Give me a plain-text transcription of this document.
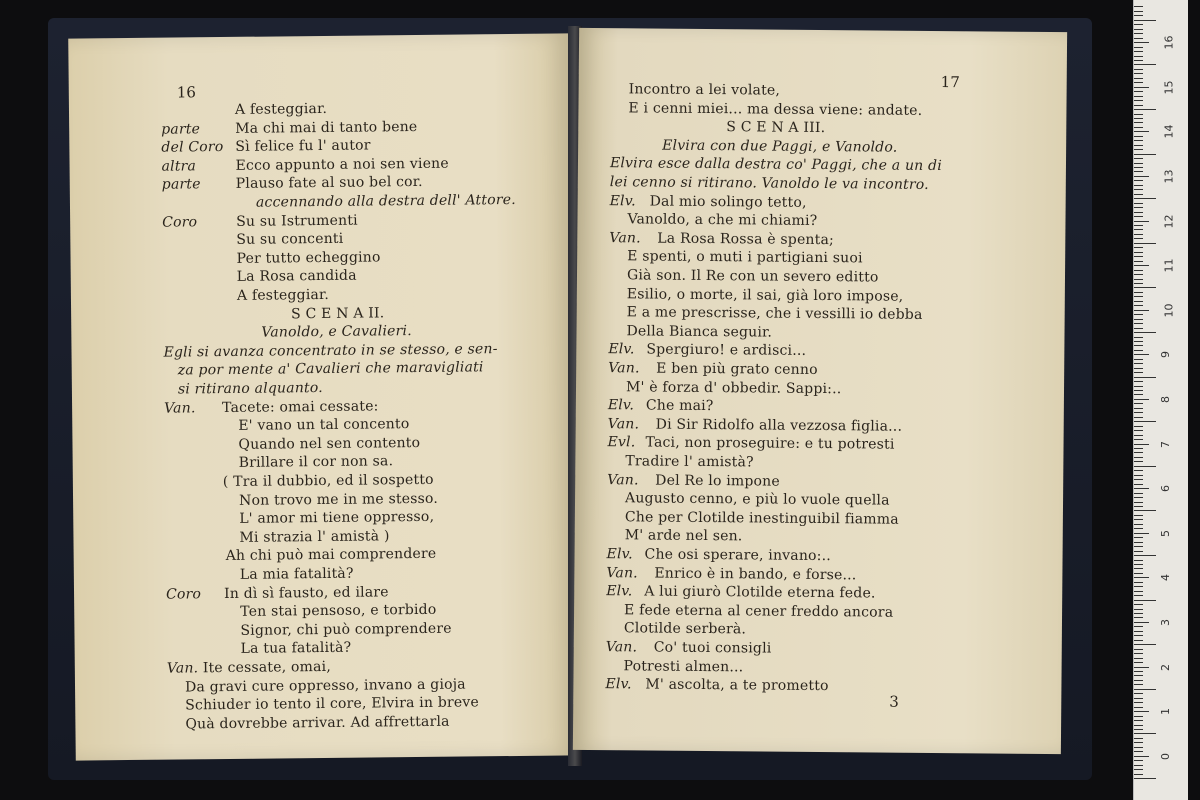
16
A festeggiar.
parte Ma chi mai di tanto bene
del Coro Sì felice fu l' autor
altra	Ecco appunto a noi sen viene
parte Plauso fate al suo bel cor.
accennando alla destra dell' Attore.
Coro	Su su Istrumenti
Su su concenti
Per tutto echeggino
La Rosa candida
A festeggiar.
S C E N A II.
Vanoldo, e Cavalieri.
Egli si avanza concentrato in se stesso, e sen-
za por mente a' Cavalieri che maravigliati
si ritirano alquanto.
Van. Tacete: omai cessate:
E' vano un tal concento
Quando nel sen contento
Brillare il cor non sa.
( Tra il dubbio, ed il sospetto
Non trovo me in me stesso.
L' amor mi tiene oppresso,
Mi strazia l' amistà )
Ah chi può mai comprendere
La mia fatalità?
Coro In dì sì fausto, ed ilare
Ten stai pensoso, e torbido
Signor, chi può comprendere
La tua fatalità?
Van. Ite cessate, omai,
Da gravi cure oppresso, invano a gioja
Schiuder io tento il core, Elvira in breve
Quà dovrebbe arrivar. Ad affrettarla
17
3
Incontro a lei volate,
E i cenni miei... ma dessa viene: andate.
S C E N A III.
Elvira con due Paggi, e Vanoldo.
Elvira esce dalla destra co' Paggi, che a un di
lei cenno si ritirano. Vanoldo le va incontro.
Elv. Dal mio solingo tetto,
Vanoldo, a che mi chiami?
Van. La Rosa Rossa è spenta;
E spenti, o muti i partigiani suoi
Già son. Il Re con un severo editto
Esilio, o morte, il sai, già loro impose,
E a me prescrisse, che i vessilli io debba
Della Bianca seguir.
Elv. Spergiuro! e ardisci...
Van. E ben più grato cenno
M' è forza d' obbedir. Sappi:..
Elv. Che mai?
Van. Di Sir Ridolfo alla vezzosa figlia...
Evl. Taci, non proseguire: e tu potresti
Tradire l' amistà?
Van. Del Re lo impone
Augusto cenno, e più lo vuole quella
Che per Clotilde inestinguibil fiamma
M' arde nel sen.
Elv. Che osi sperare, invano:..
Van. Enrico è in bando, e forse...
Elv. A lui giurò Clotilde eterna fede.
E fede eterna al cener freddo ancora
Clotilde serberà.
Van. Co' tuoi consigli
Potresti almen...
Elv. M' ascolta, a te prometto
0
1
2
3
4
5
6
7
8
9
10
11
12
13
14
15
16
